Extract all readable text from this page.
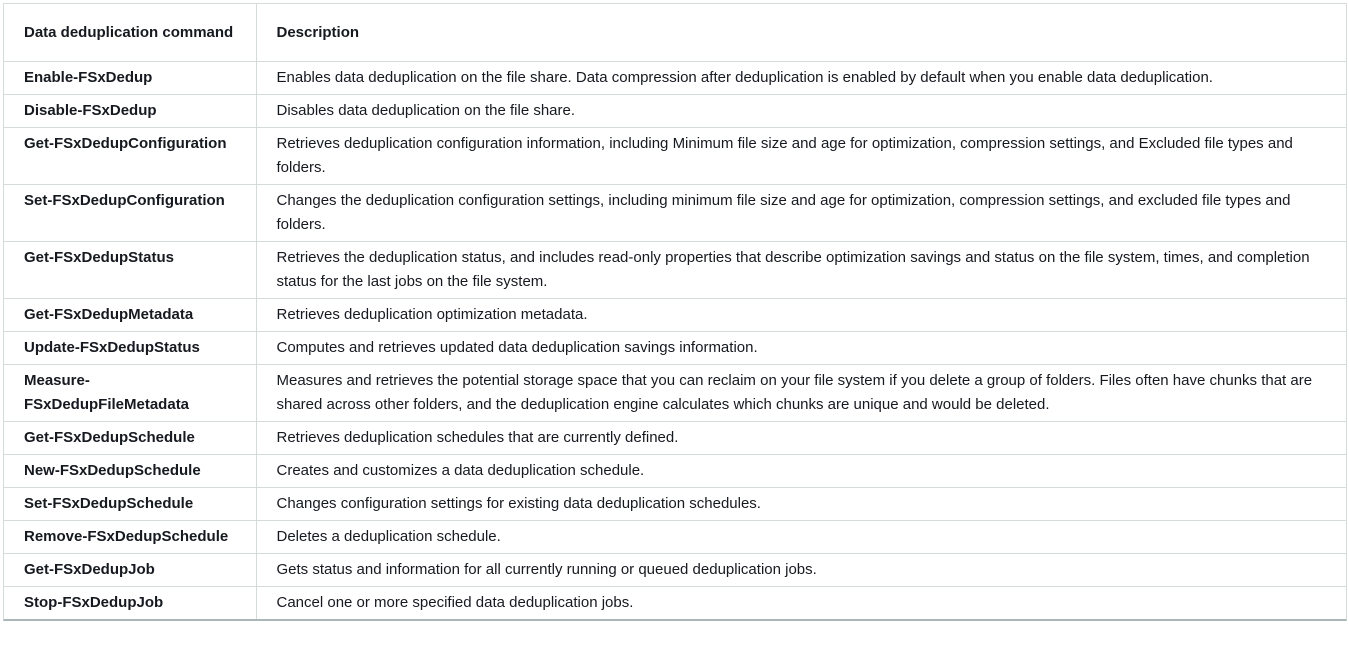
Data deduplication command	Description
Enable-FSxDedup	Enables data deduplication on the file share. Data compression after deduplication is enabled by default when you enable data deduplication.
Disable-FSxDedup	Disables data deduplication on the file share.
Get-FSxDedupConfiguration	Retrieves deduplication configuration information, including Minimum file size and age for optimization, compression settings, and Excluded file types and folders.
Set-FSxDedupConfiguration	Changes the deduplication configuration settings, including minimum file size and age for optimization, compression settings, and excluded file types and folders.
Get-FSxDedupStatus	Retrieves the deduplication status, and includes read-only properties that describe optimization savings and status on the file system, times, and completion status for the last jobs on the file system.
Get-FSxDedupMetadata	Retrieves deduplication optimization metadata.
Update-FSxDedupStatus	Computes and retrieves updated data deduplication savings information.
Measure-FSxDedupFileMetadata	Measures and retrieves the potential storage space that you can reclaim on your file system if you delete a group of folders. Files often have chunks that are shared across other folders, and the deduplication engine calculates which chunks are unique and would be deleted.
Get-FSxDedupSchedule	Retrieves deduplication schedules that are currently defined.
New-FSxDedupSchedule	Creates and customizes a data deduplication schedule.
Set-FSxDedupSchedule	Changes configuration settings for existing data deduplication schedules.
Remove-FSxDedupSchedule	Deletes a deduplication schedule.
Get-FSxDedupJob	Gets status and information for all currently running or queued deduplication jobs.
Stop-FSxDedupJob	Cancel one or more specified data deduplication jobs.
